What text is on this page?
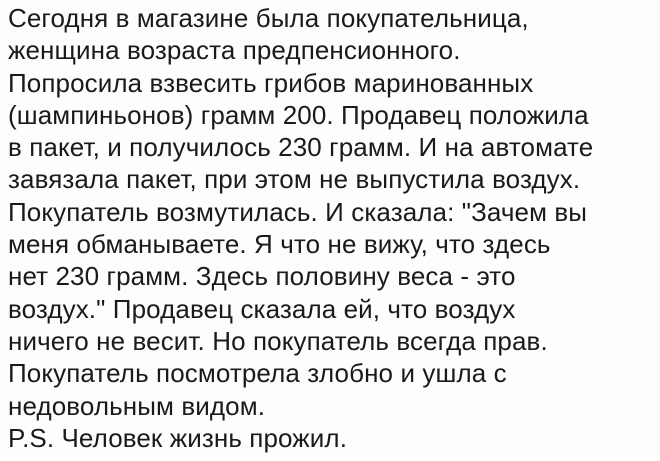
Сегодня в магазине была покупательница,
женщина возраста предпенсионного.
Попросила взвесить грибов маринованных
(шампиньонов) грамм 200. Продавец положила
в пакет, и получилось 230 грамм. И на автомате
завязала пакет, при этом не выпустила воздух.
Покупатель возмутилась. И сказала: "Зачем вы
меня обманываете. Я что не вижу, что здесь
нет 230 грамм. Здесь половину веса - это
воздух." Продавец сказала ей, что воздух
ничего не весит. Но покупатель всегда прав.
Покупатель посмотрела злобно и ушла с
недовольным видом.
P.S. Человек жизнь прожил.
